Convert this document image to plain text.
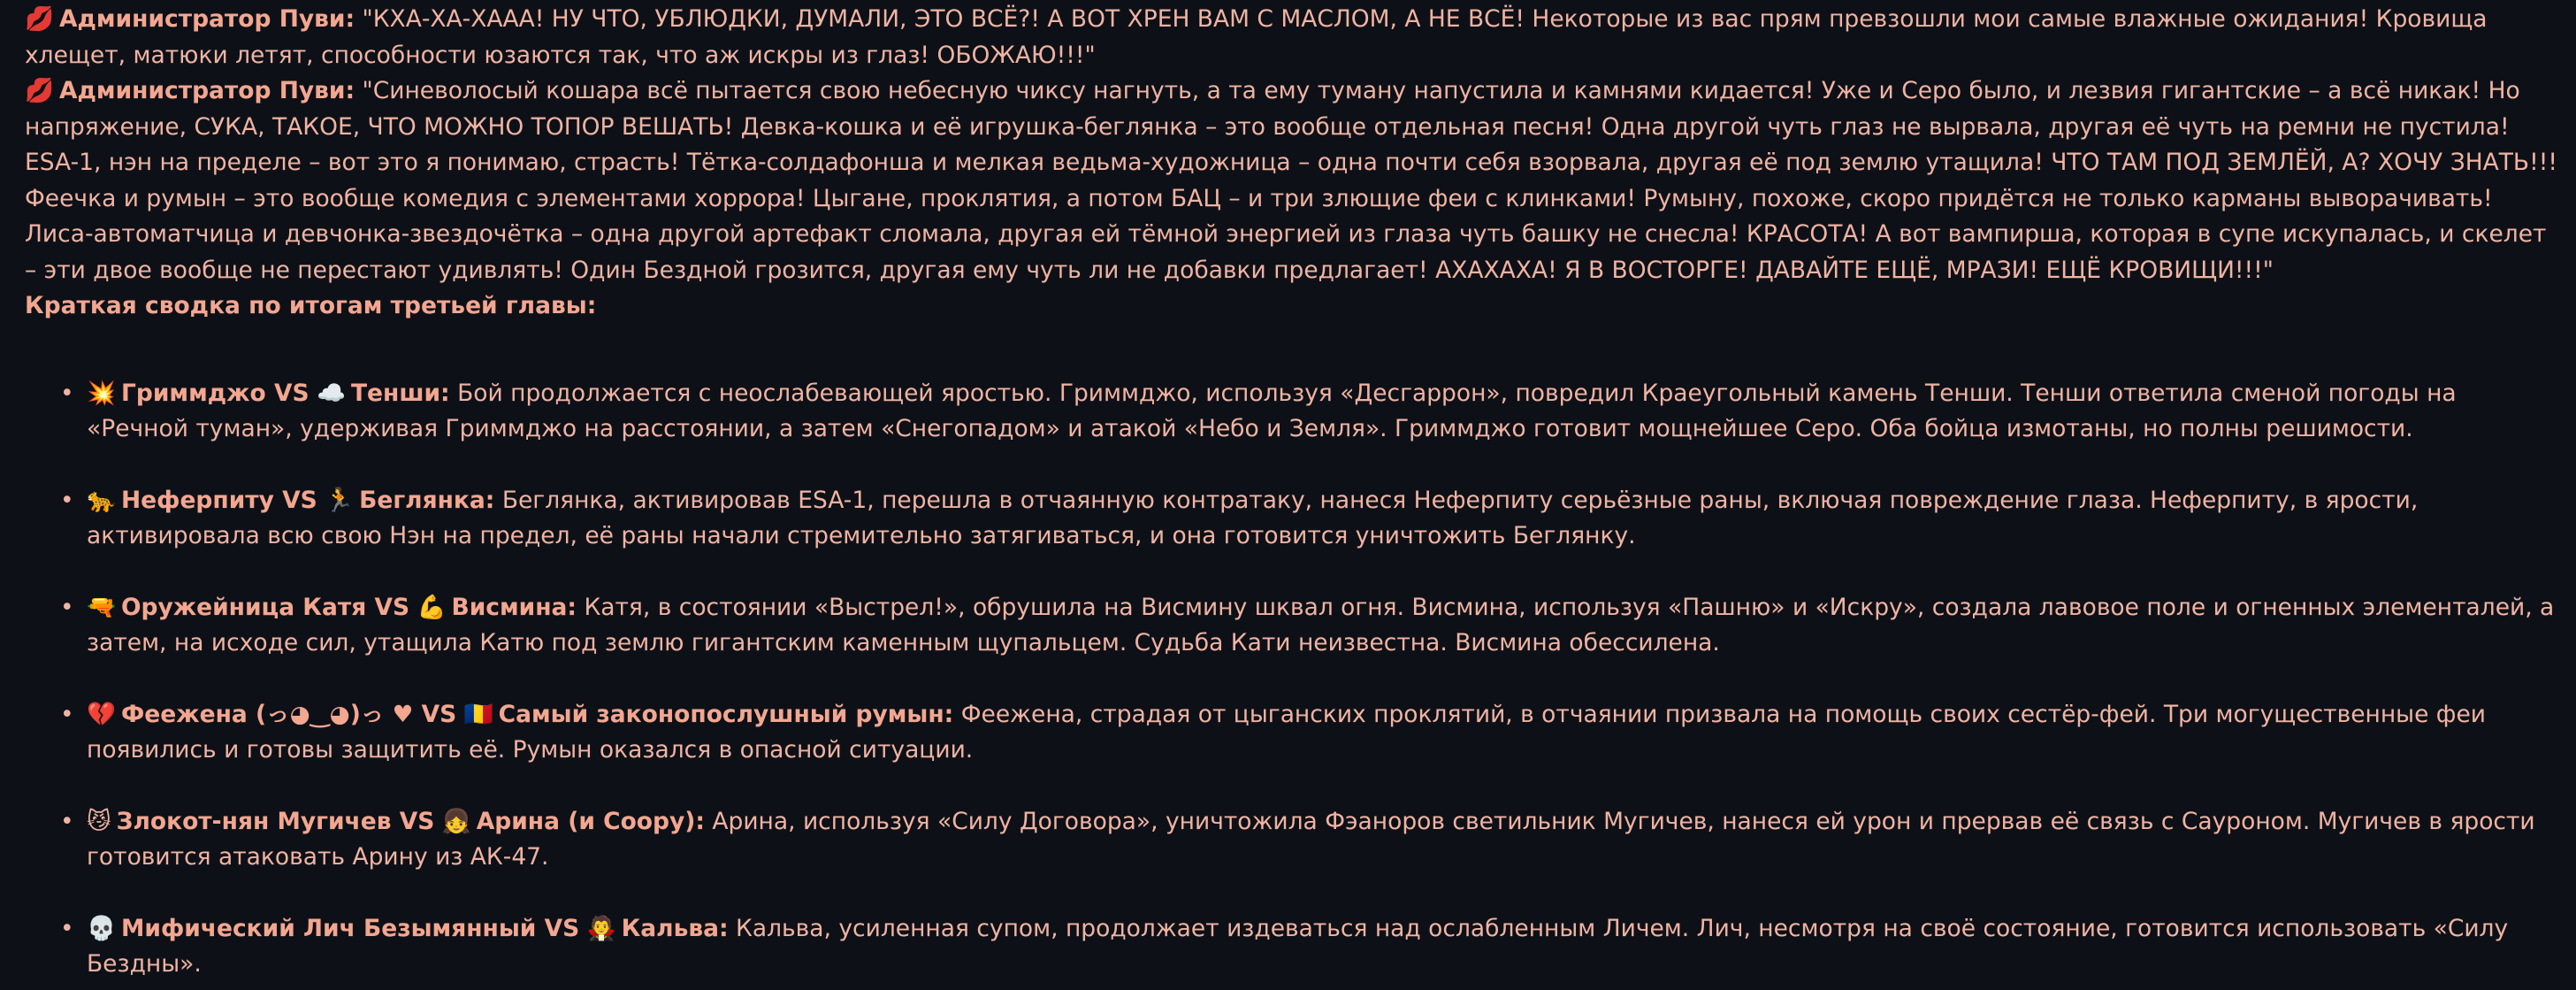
💋 Администратор Пуви: "КХА-ХА-ХААА! НУ ЧТО, УБЛЮДКИ, ДУМАЛИ, ЭТО ВСЁ?! А ВОТ ХРЕН ВАМ С МАСЛОМ, А НЕ ВСЁ! Некоторые из вас прям превзошли мои самые влажные ожидания! Кровища хлещет, матюки летят, способности юзаются так, что аж искры из глаз! ОБОЖАЮ!!!"

💋 Администратор Пуви: "Синеволосый кошара всё пытается свою небесную чиксу нагнуть, а та ему туману напустила и камнями кидается! Уже и Серо было, и лезвия гигантские – а всё никак! Но напряжение, СУКА, ТАКОЕ, ЧТО МОЖНО ТОПОР ВЕШАТЬ! Девка-кошка и её игрушка-беглянка – это вообще отдельная песня! Одна другой чуть глаз не вырвала, другая её чуть на ремни не пустила! ESA-1, нэн на пределе – вот это я понимаю, страсть! Тётка-солдафонша и мелкая ведьма-художница – одна почти себя взорвала, другая её под землю утащила! ЧТО ТАМ ПОД ЗЕМЛЁЙ, А? ХОЧУ ЗНАТЬ!!! Феечка и румын – это вообще комедия с элементами хоррора! Цыгане, проклятия, а потом БАЦ – и три злющие феи с клинками! Румыну, похоже, скоро придётся не только карманы выворачивать! Лиса-автоматчица и девчонка-звездочётка – одна другой артефакт сломала, другая ей тёмной энергией из глаза чуть башку не снесла! КРАСОТА! А вот вампирша, которая в супе искупалась, и скелет – эти двое вообще не перестают удивлять! Один Бездной грозится, другая ему чуть ли не добавки предлагает! АХАХАХА! Я В ВОСТОРГЕ! ДАВАЙТЕ ЕЩЁ, МРАЗИ! ЕЩЁ КРОВИЩИ!!!"

Краткая сводка по итогам третьей главы:

• 💥 Гриммджо VS ☁️ Тенши: Бой продолжается с неослабевающей яростью. Гриммджо, используя «Десгаррон», повредил Краеугольный камень Тенши. Тенши ответила сменой погоды на «Речной туман», удерживая Гриммджо на расстоянии, а затем «Снегопадом» и атакой «Небо и Земля». Гриммджо готовит мощнейшее Серо. Оба бойца измотаны, но полны решимости.
• 🐆 Неферпиту VS 🏃 Беглянка: Беглянка, активировав ESA-1, перешла в отчаянную контратаку, нанеся Неферпиту серьёзные раны, включая повреждение глаза. Неферпиту, в ярости, активировала всю свою Нэн на предел, её раны начали стремительно затягиваться, и она готовится уничтожить Беглянку.
• 🔫 Оружейница Катя VS 💪 Висмина: Катя, в состоянии «Выстрел!», обрушила на Висмину шквал огня. Висмина, используя «Пашню» и «Искру», создала лавовое поле и огненных элементалей, а затем, на исходе сил, утащила Катю под землю гигантским каменным щупальцем. Судьба Кати неизвестна. Висмина обессилена.
• 💔 Феежена (っ◕‿◕)っ ♥ VS 🇷🇴 Самый законопослушный румын: Феежена, страдая от цыганских проклятий, в отчаянии призвала на помощь своих сестёр-фей. Три могущественные феи появились и готовы защитить её. Румын оказался в опасной ситуации.
• 😼 Злокот-нян Мугичев VS 👧 Арина (и Соору): Арина, используя «Силу Договора», уничтожила Фэаноров светильник Мугичев, нанеся ей урон и прервав её связь с Сауроном. Мугичев в ярости готовится атаковать Арину из АК-47.
• 💀 Мифический Лич Безымянный VS 🧛 Кальва: Кальва, усиленная супом, продолжает издеваться над ослабленным Личем. Лич, несмотря на своё состояние, готовится использовать «Силу Бездны».
